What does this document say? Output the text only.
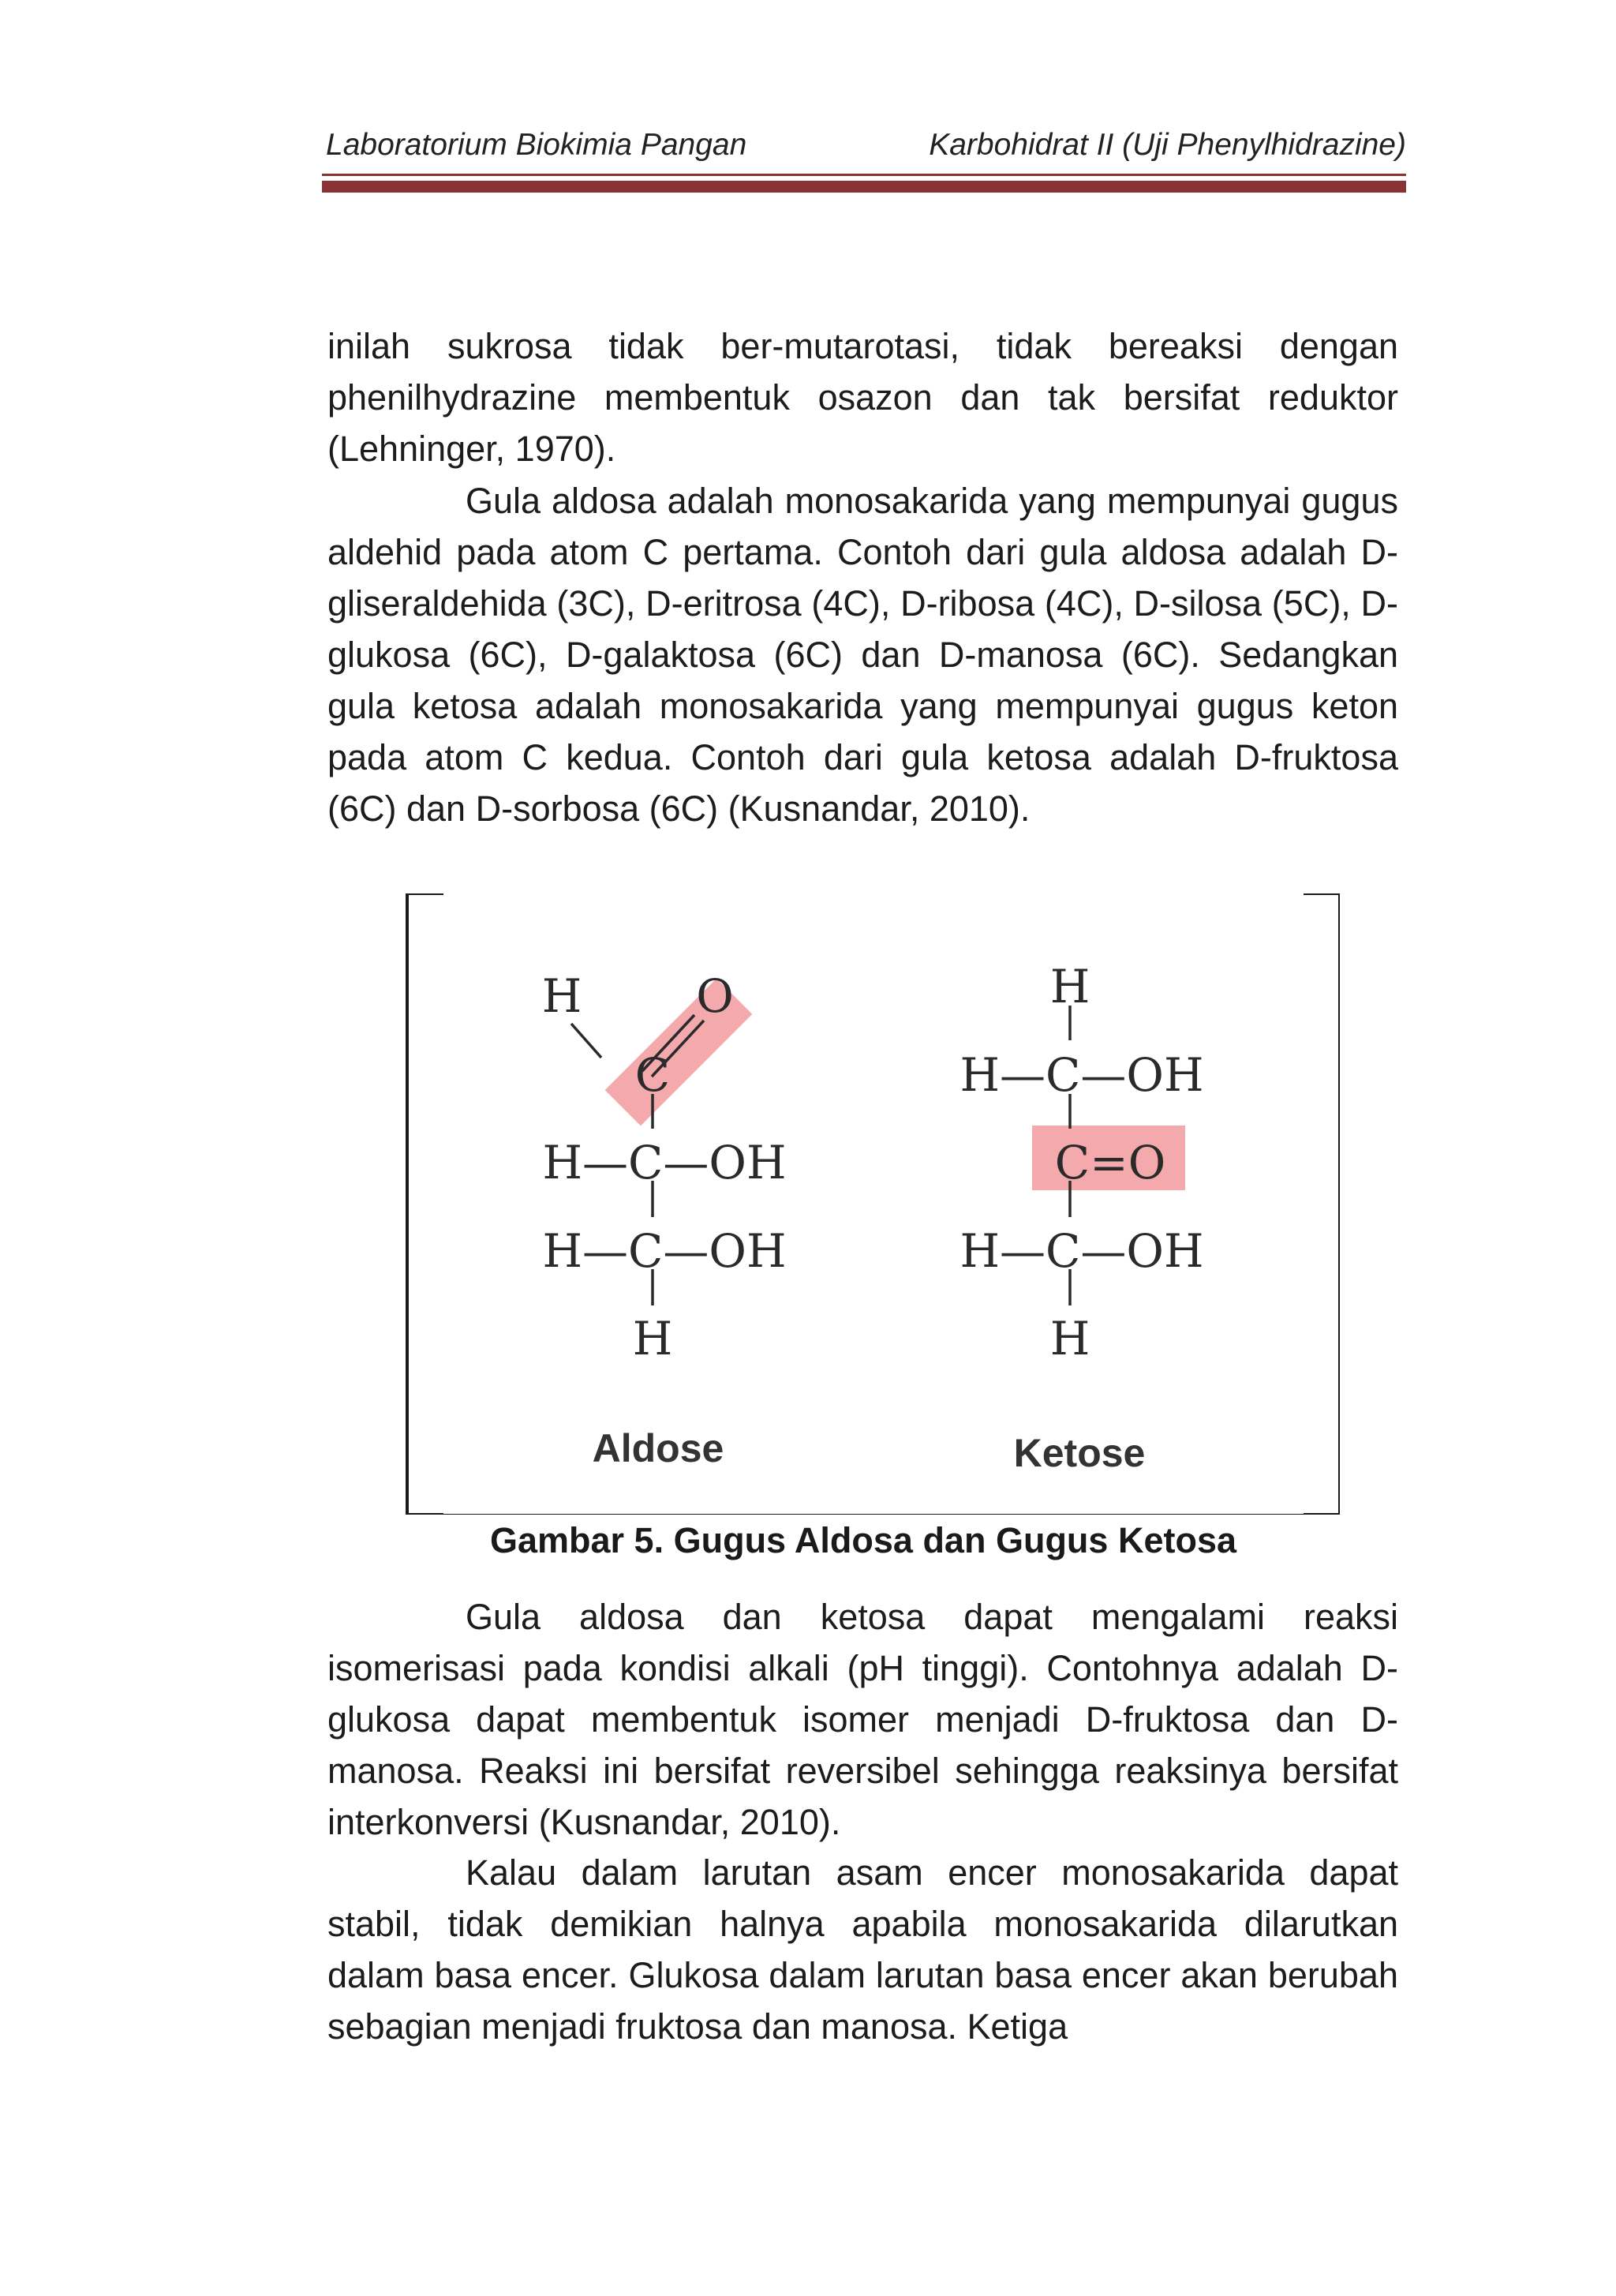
Laboratorium Biokimia Pangan	Karbohidrat II (Uji Phenylhidrazine)

inilah sukrosa tidak ber-mutarotasi, tidak bereaksi dengan phenilhydrazine membentuk osazon dan tak bersifat reduktor (Lehninger, 1970).

Gula aldosa adalah monosakarida yang mempunyai gugus aldehid pada atom C pertama. Contoh dari gula aldosa adalah D-gliseraldehida (3C), D-eritrosa (4C), D-ribosa (4C), D-silosa (5C), D-glukosa (6C), D-galaktosa (6C) dan D-manosa (6C). Sedangkan gula ketosa adalah monosakarida yang mempunyai gugus keton pada atom C kedua. Contoh dari gula ketosa adalah D-fruktosa (6C) dan D-sorbosa (6C) (Kusnandar, 2010).

H O
C
H—C—OH
H—C—OH
H
H
H—C—OH
C=O
H—C—OH
H
Aldose	Ketose
Gambar 5. Gugus Aldosa dan Gugus Ketosa

Gula aldosa dan ketosa dapat mengalami reaksi isomerisasi pada kondisi alkali (pH tinggi). Contohnya adalah D-glukosa dapat membentuk isomer menjadi D-fruktosa dan D-manosa. Reaksi ini bersifat reversibel sehingga reaksinya bersifat interkonversi (Kusnandar, 2010).

Kalau dalam larutan asam encer monosakarida dapat stabil, tidak demikian halnya apabila monosakarida dilarutkan dalam basa encer. Glukosa dalam larutan basa encer akan berubah sebagian menjadi fruktosa dan manosa. Ketiga
